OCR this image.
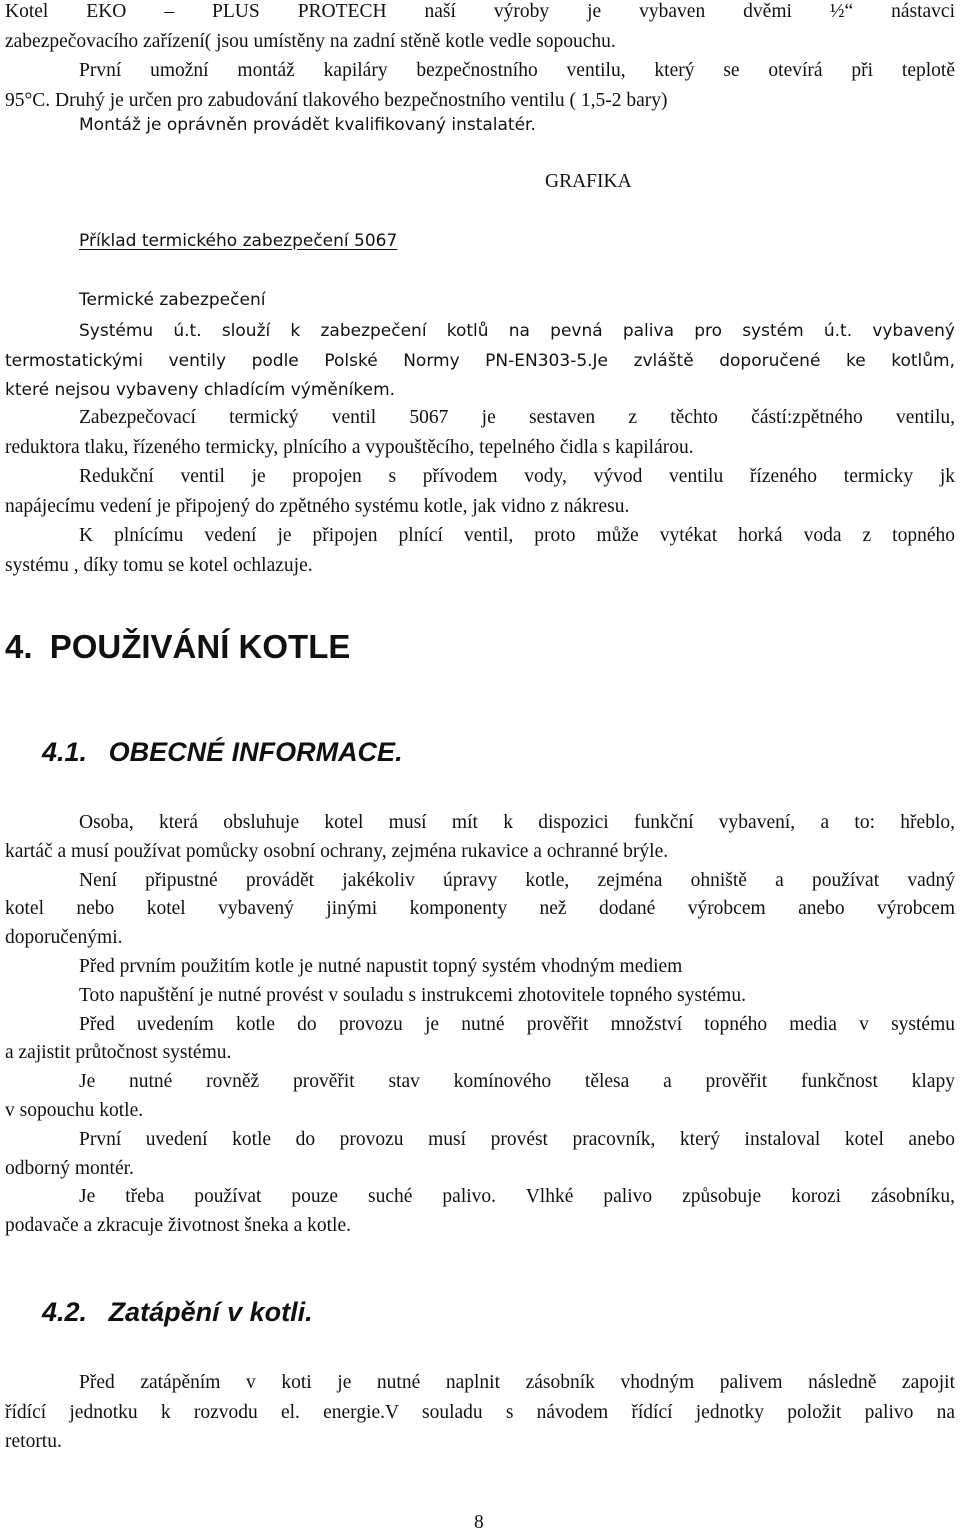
Kotel EKO – PLUS PROTECH naší výroby je vybaven dvěmi ½“ nástavci
zabezpečovacího zařízení( jsou umístěny na zadní stěně kotle vedle sopouchu.
První umožní montáž kapiláry bezpečnostního ventilu, který se otevírá při teplotě
95°C. Druhý je určen pro zabudování tlakového bezpečnostního ventilu ( 1,5-2 bary)
Montáž je oprávněn provádět kvalifikovaný instalatér.
GRAFIKA
Příklad termického zabezpečení 5067
Termické zabezpečení
Systému ú.t. slouží k zabezpečení kotlů na pevná paliva pro systém ú.t. vybavený
termostatickými ventily podle Polské Normy PN-EN303-5.Je zvláště doporučené ke kotlům,
které nejsou vybaveny chladícím výměníkem.
Zabezpečovací termický ventil 5067 je sestaven z těchto částí:zpětného ventilu,
reduktora tlaku, řízeného termicky, plnícího a vypouštěcího, tepelného čidla s kapilárou.
Redukční ventil je propojen s přívodem vody, vývod ventilu řízeného termicky jk
napájecímu vedení je připojený do zpětného systému kotle, jak vidno z nákresu.
K plnícímu vedení je připojen plnící ventil, proto může vytékat horká voda z topného
systému , díky tomu se kotel ochlazuje.
4. POUŽIVÁNÍ KOTLE
4.1. OBECNÉ INFORMACE.
Osoba, která obsluhuje kotel musí mít k dispozici funkční vybavení, a to: hřeblo,
kartáč a musí používat pomůcky osobní ochrany, zejména rukavice a ochranné brýle.
Není připustné provádět jakékoliv úpravy kotle, zejména ohniště a používat vadný
kotel nebo kotel vybavený jinými komponenty než dodané výrobcem anebo výrobcem
doporučenými.
Před prvním použitím kotle je nutné napustit topný systém vhodným mediem
Toto napuštění je nutné provést v souladu s instrukcemi zhotovitele topného systému.
Před uvedením kotle do provozu je nutné prověřit množství topného media v systému
a zajistit průtočnost systému.
Je nutné rovněž prověřit stav komínového tělesa a prověřit funkčnost klapy
v sopouchu kotle.
První uvedení kotle do provozu musí provést pracovník, který instaloval kotel anebo
odborný montér.
Je třeba používat pouze suché palivo. Vlhké palivo způsobuje korozi zásobníku,
podavače a zkracuje životnost šneka a kotle.
4.2. Zatápění v kotli.
Před zatápěním v koti je nutné naplnit zásobník vhodným palivem následně zapojit
řídící jednotku k rozvodu el. energie.V souladu s návodem řídící jednotky položit palivo na
retortu.
8
